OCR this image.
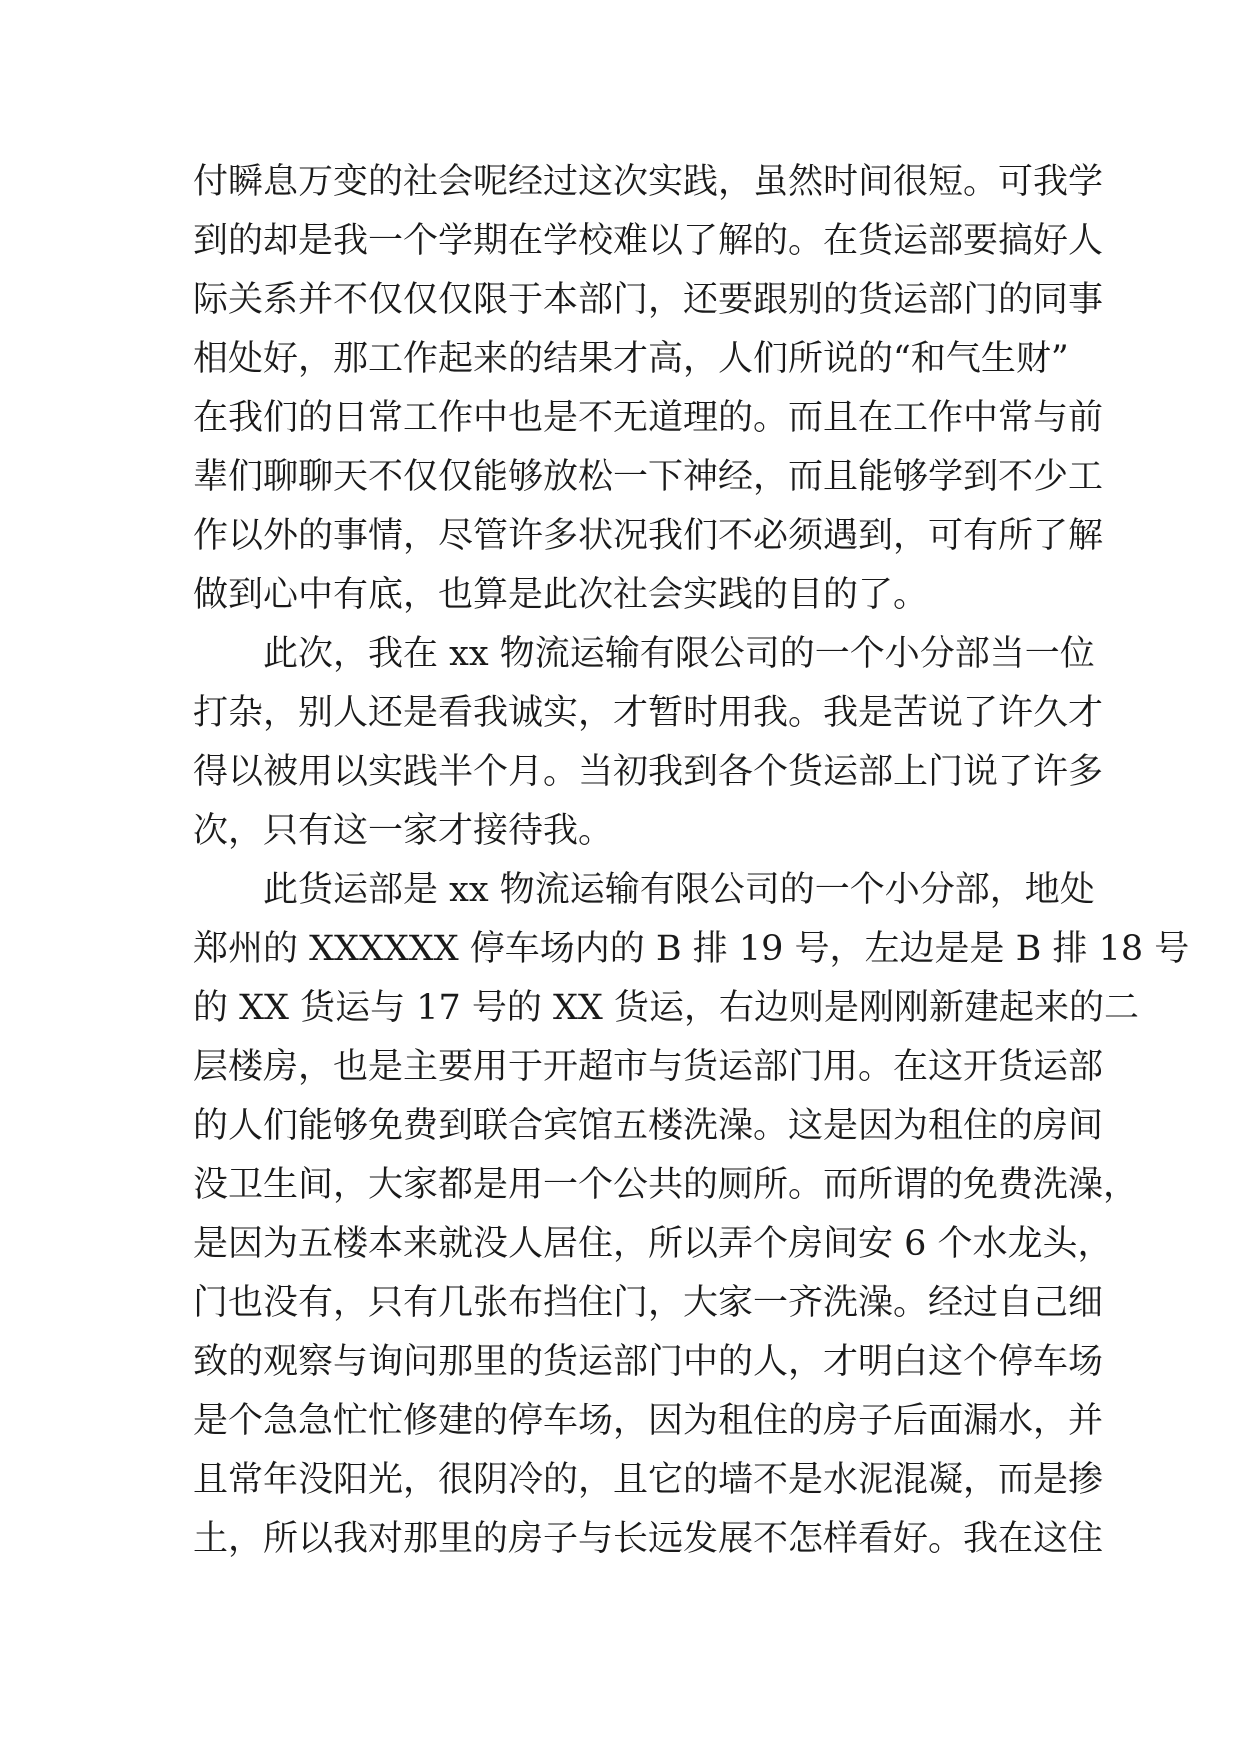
付瞬息万变的社会呢经过这次实践，虽然时间很短。可我学
到的却是我一个学期在学校难以了解的。在货运部要搞好人
际关系并不仅仅仅限于本部门，还要跟别的货运部门的同事
相处好，那工作起来的结果才高，人们所说的“和气生财”
在我们的日常工作中也是不无道理的。而且在工作中常与前
辈们聊聊天不仅仅能够放松一下神经，而且能够学到不少工
作以外的事情，尽管许多状况我们不必须遇到，可有所了解
做到心中有底，也算是此次社会实践的目的了。
此次，我在 xx 物流运输有限公司的一个小分部当一位
打杂，别人还是看我诚实，才暂时用我。我是苦说了许久才
得以被用以实践半个月。当初我到各个货运部上门说了许多
次，只有这一家才接待我。
此货运部是 xx 物流运输有限公司的一个小分部，地处
郑州的 XXXXXX 停车场内的 B 排 19 号，左边是是 B 排 18 号
的 XX 货运与 17 号的 XX 货运，右边则是刚刚新建起来的二
层楼房，也是主要用于开超市与货运部门用。在这开货运部
的人们能够免费到联合宾馆五楼洗澡。这是因为租住的房间
没卫生间，大家都是用一个公共的厕所。而所谓的免费洗澡，
是因为五楼本来就没人居住，所以弄个房间安 6 个水龙头，
门也没有，只有几张布挡住门，大家一齐洗澡。经过自己细
致的观察与询问那里的货运部门中的人，才明白这个停车场
是个急急忙忙修建的停车场，因为租住的房子后面漏水，并
且常年没阳光，很阴冷的，且它的墙不是水泥混凝，而是掺
土，所以我对那里的房子与长远发展不怎样看好。我在这住
